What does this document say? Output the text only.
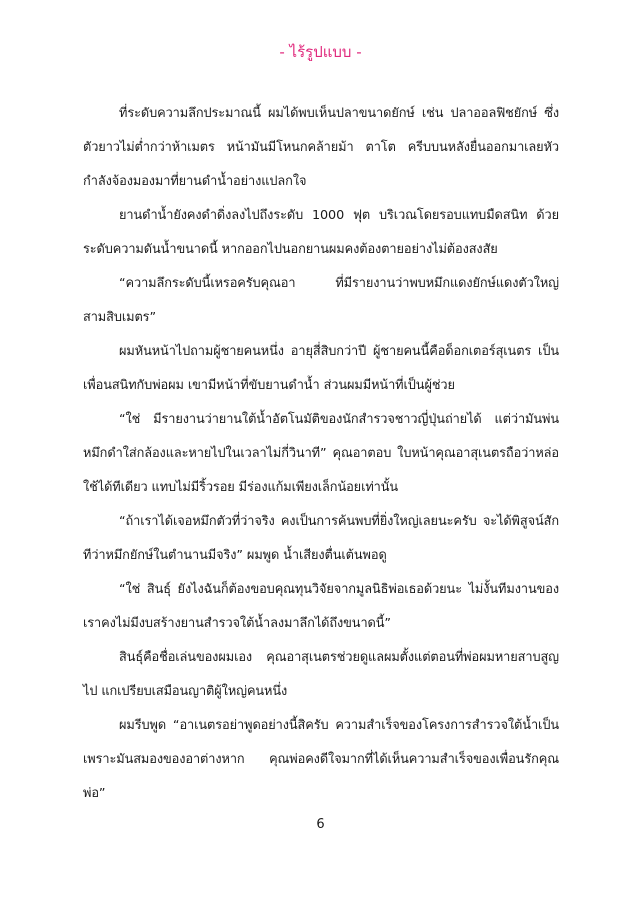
- ไร้รูปแบบ -

ที่ระดับความลึกประมาณนี้ ผมได้พบเห็นปลาขนาดยักษ์ เช่น ปลาออลฟิชยักษ์ ซึ่งตัวยาวไม่ต่ำกว่าห้าเมตร หน้ามันมีโหนกคล้ายม้า ตาโต ครีบบนหลังยื่นออกมาเลยหัว กำลังจ้องมองมาที่ยานดำน้ำอย่างแปลกใจ

ยานดำน้ำยังคงดำดิ่งลงไปถึงระดับ 1000 ฟุต บริเวณโดยรอบแทบมืดสนิท ด้วยระดับความดันน้ำขนาดนี้ หากออกไปนอกยานผมคงต้องตายอย่างไม่ต้องสงสัย

“ความลึกระดับนี้เหรอครับคุณอา ที่มีรายงานว่าพบหมึกแดงยักษ์แดงตัวใหญ่สามสิบเมตร”

ผมหันหน้าไปถามผู้ชายคนหนึ่ง อายุสี่สิบกว่าปี ผู้ชายคนนี้คือด็อกเตอร์สุเนตร เป็นเพื่อนสนิทกับพ่อผม เขามีหน้าที่ขับยานดำน้ำ ส่วนผมมีหน้าที่เป็นผู้ช่วย

“ใช่ มีรายงานว่ายานใต้น้ำอัตโนมัติของนักสำรวจชาวญี่ปุ่นถ่ายได้ แต่ว่ามันพ่นหมึกดำใส่กล้องและหายไปในเวลาไม่กี่วินาที” คุณอาตอบ ใบหน้าคุณอาสุเนตรถือว่าหล่อใช้ได้ทีเดียว แทบไม่มีริ้วรอย มีร่องแก้มเพียงเล็กน้อยเท่านั้น

“ถ้าเราได้เจอหมึกตัวที่ว่าจริง คงเป็นการค้นพบที่ยิ่งใหญ่เลยนะครับ จะได้พิสูจน์สักทีว่าหมึกยักษ์ในตำนานมีจริง” ผมพูด น้ำเสียงตื่นเต้นพอดู

“ใช่ สินธุ์ ยังไงฉันก็ต้องขอบคุณทุนวิจัยจากมูลนิธิพ่อเธอด้วยนะ ไม่งั้นทีมงานของเราคงไม่มีงบสร้างยานสำรวจใต้น้ำลงมาลึกได้ถึงขนาดนี้”

สินธุ์คือชื่อเล่นของผมเอง คุณอาสุเนตรช่วยดูแลผมตั้งแต่ตอนที่พ่อผมหายสาบสูญไป แกเปรียบเสมือนญาติผู้ใหญ่คนหนึ่ง

ผมรีบพูด “อาเนตรอย่าพูดอย่างนี้สิครับ ความสำเร็จของโครงการสำรวจใต้น้ำเป็นเพราะมันสมองของอาต่างหาก คุณพ่อคงดีใจมากที่ได้เห็นความสำเร็จของเพื่อนรักคุณพ่อ”

6
